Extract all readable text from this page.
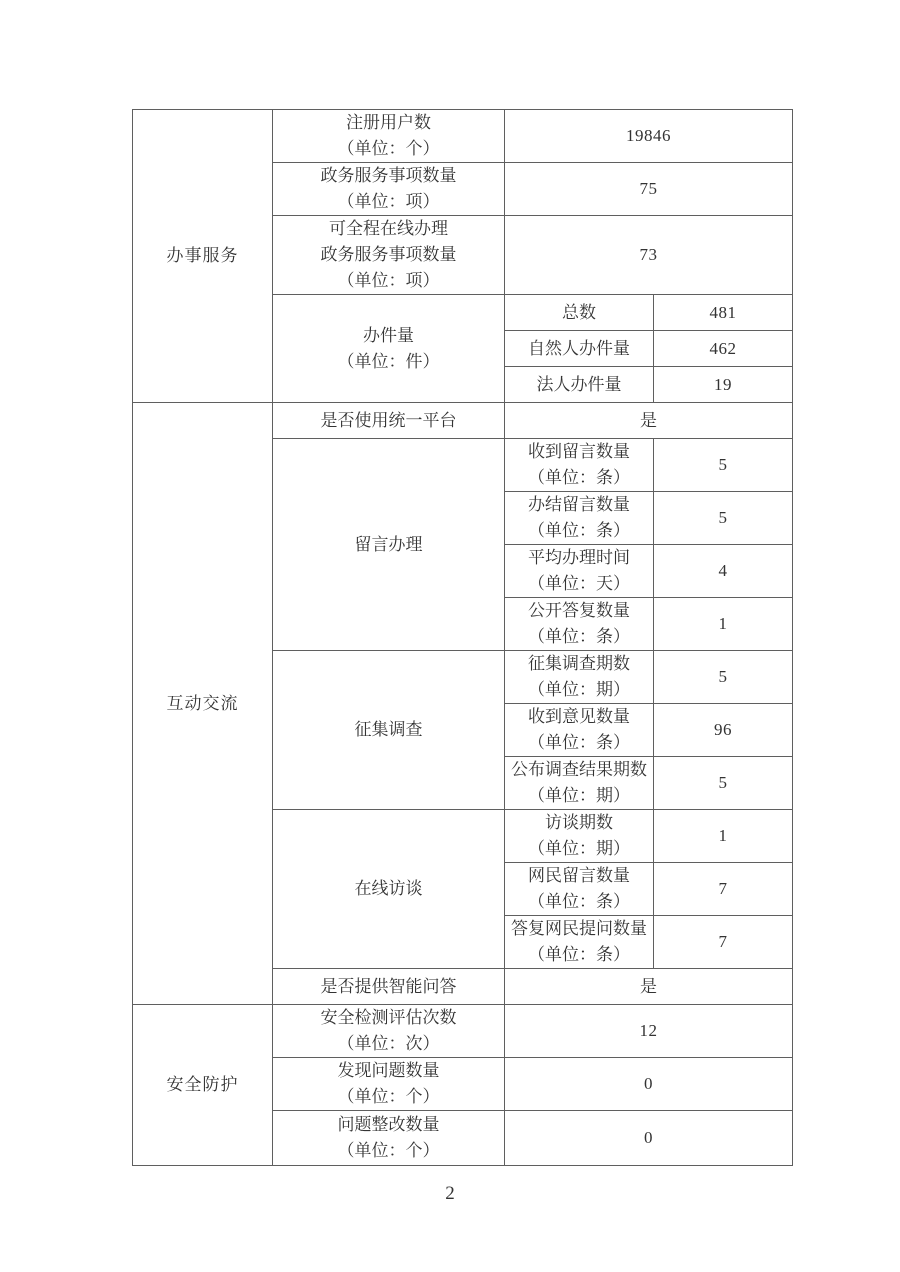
办事服务	注册用户数
（单位：个）	19846	

	政务服务事项数量
（单位：项）	75	

	可全程在线办理
政务服务事项数量
（单位：项）	73	

	办件量
（单位：件）	总数	481
		自然人办件量	462
		法人办件量	19

互动交流	是否使用统一平台	是	
	留言办理	收到留言数量
（单位：条）	5

		办结留言数量
（单位：条）	5

		平均办理时间
（单位：天）	4

		公开答复数量
（单位：条）	1
	征集调查	征集调查期数
（单位：期）	5

		收到意见数量
（单位：条）	96

		公布调查结果期数
（单位：期）	5
	在线访谈	访谈期数
（单位：期）	1

		网民留言数量
（单位：条）	7

		答复网民提问数量
（单位：条）	7
	是否提供智能问答	是	

安全防护	安全检测评估次数
（单位：次）	12	

	发现问题数量
（单位：个）	0	

	问题整改数量
（单位：个）	0	
2
